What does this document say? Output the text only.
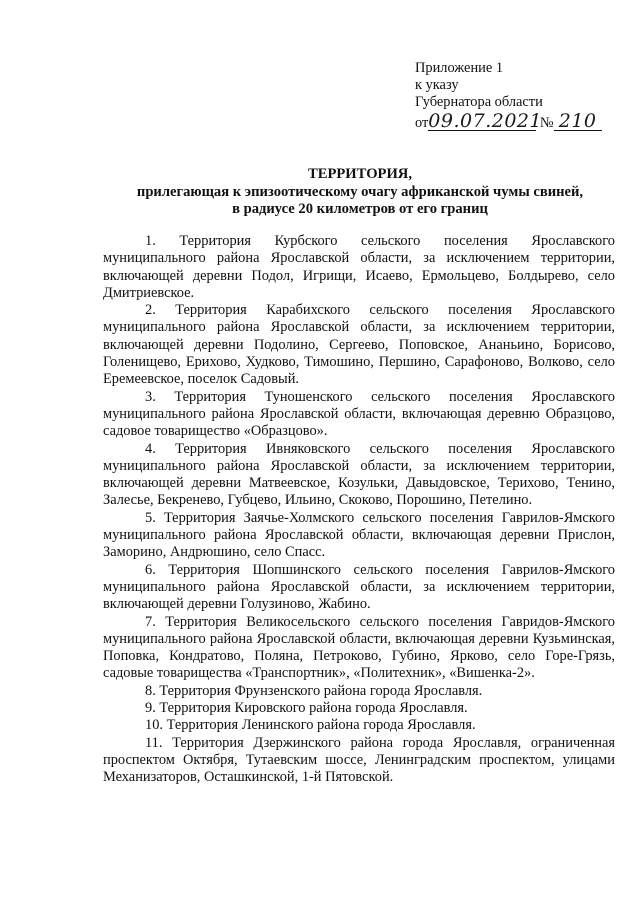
Приложение 1
к указу
Губернатора области
от09.07.2021 № 210
ТЕРРИТОРИЯ,
прилегающая к эпизоотическому очагу африканской чумы свиней,
в радиусе 20 километров от его границ

1. Территория Курбского сельского поселения Ярославского муниципального района Ярославской области, за исключением территории, включающей деревни Подол, Игрищи, Исаево, Ермольцево, Болдырево, село Дмитриевское.

2. Территория Карабихского сельского поселения Ярославского муниципального района Ярославской области, за исключением территории, включающей деревни Подолино, Сергеево, Поповское, Ананьино, Борисово, Голенищево, Ерихово, Худково, Тимошино, Першино, Сарафоново, Волково, село Еремеевское, поселок Садовый.

3. Территория Туношенского сельского поселения Ярославского муниципального района Ярославской области, включающая деревню Образцово, садовое товарищество «Образцово».

4. Территория Ивняковского сельского поселения Ярославского муниципального района Ярославской области, за исключением территории, включающей деревни Матвеевское, Козульки, Давыдовское, Терихово, Тенино, Залесье, Бекренево, Губцево, Ильино, Скоково, Порошино, Петелино.

5. Территория Заячье-Холмского сельского поселения Гаврилов-Ямского муниципального района Ярославской области, включающая деревни Прислон, Заморино, Андрюшино, село Спасс.

6. Территория Шопшинского сельского поселения Гаврилов-Ямского муниципального района Ярославской области, за исключением территории, включающей деревни Голузиново, Жабино.

7. Территория Великосельского сельского поселения Гавридов-Ямского муниципального района Ярославской области, включающая деревни Кузьминская, Поповка, Кондратово, Поляна, Петроково, Губино, Ярково, село Горе-Грязь, садовые товарищества «Транспортник», «Политехник», «Вишенка-2».

8. Территория Фрунзенского района города Ярославля.

9. Территория Кировского района города Ярославля.

10. Территория Ленинского района города Ярославля.

11. Территория Дзержинского района города Ярославля, ограниченная проспектом Октября, Тутаевским шоссе, Ленинградским проспектом, улицами Механизаторов, Осташкинской, 1-й Пятовской.
